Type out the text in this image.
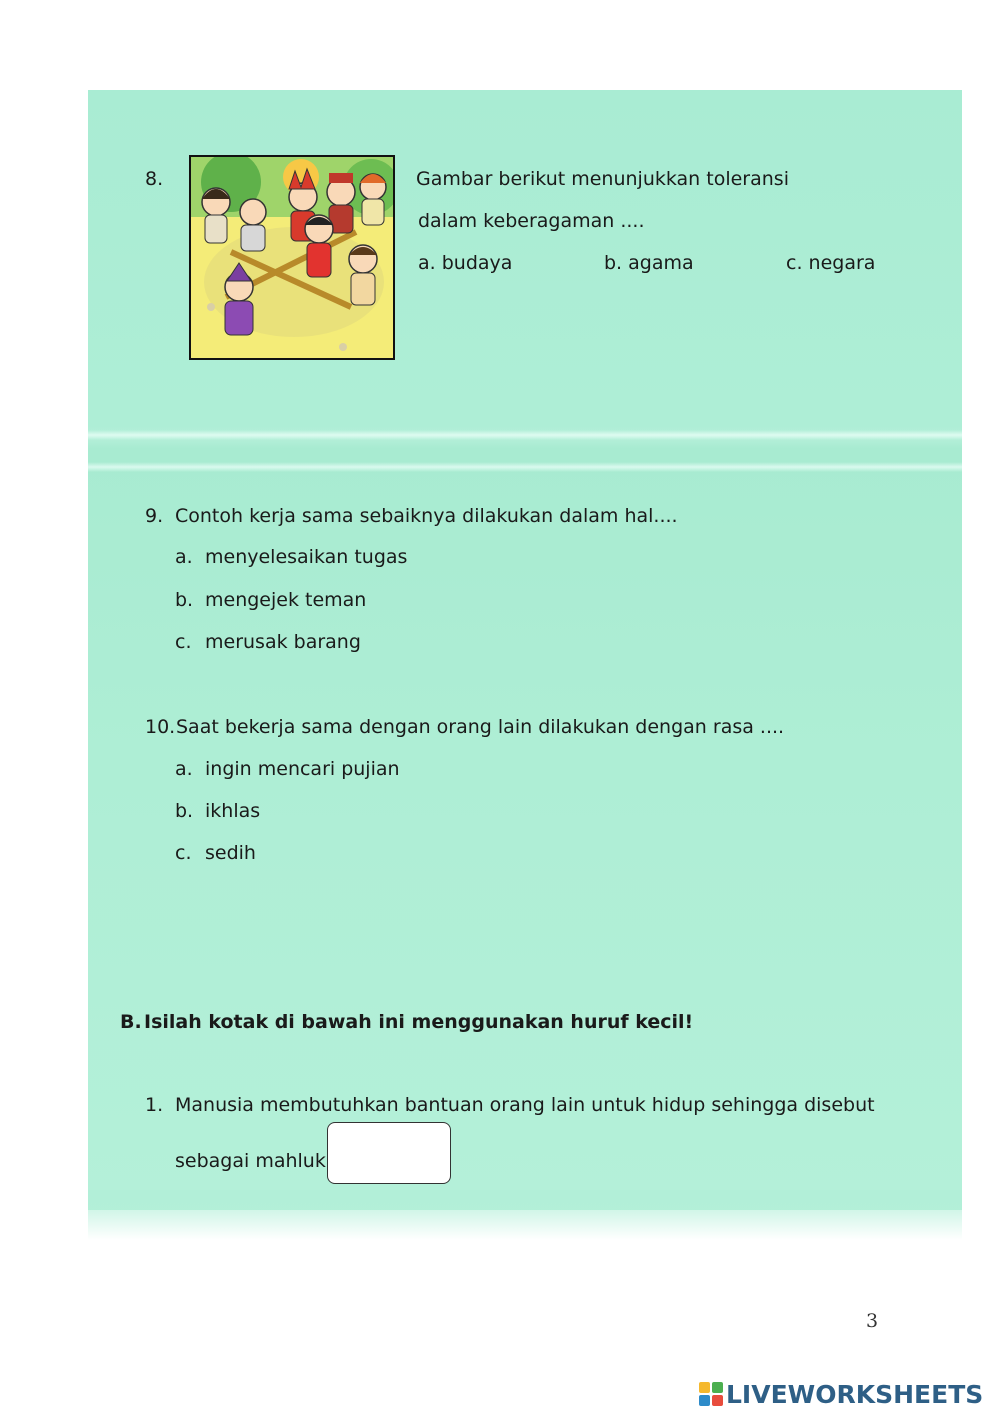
8.	Gambar berikut menunjukkan toleransi
dalam keberagaman ....
a. budaya	b. agama	c. negara
9. Contoh kerja sama sebaiknya dilakukan dalam hal....
a. menyelesaikan tugas
b. mengejek teman
c. merusak barang
10. Saat bekerja sama dengan orang lain dilakukan dengan rasa ....
a. ingin mencari pujian
b. ikhlas
c. sedih
B. Isilah kotak di bawah ini menggunakan huruf kecil!
1. Manusia membutuhkan bantuan orang lain untuk hidup sehingga disebut
sebagai mahluk
3
LIVEWORKSHEETS
